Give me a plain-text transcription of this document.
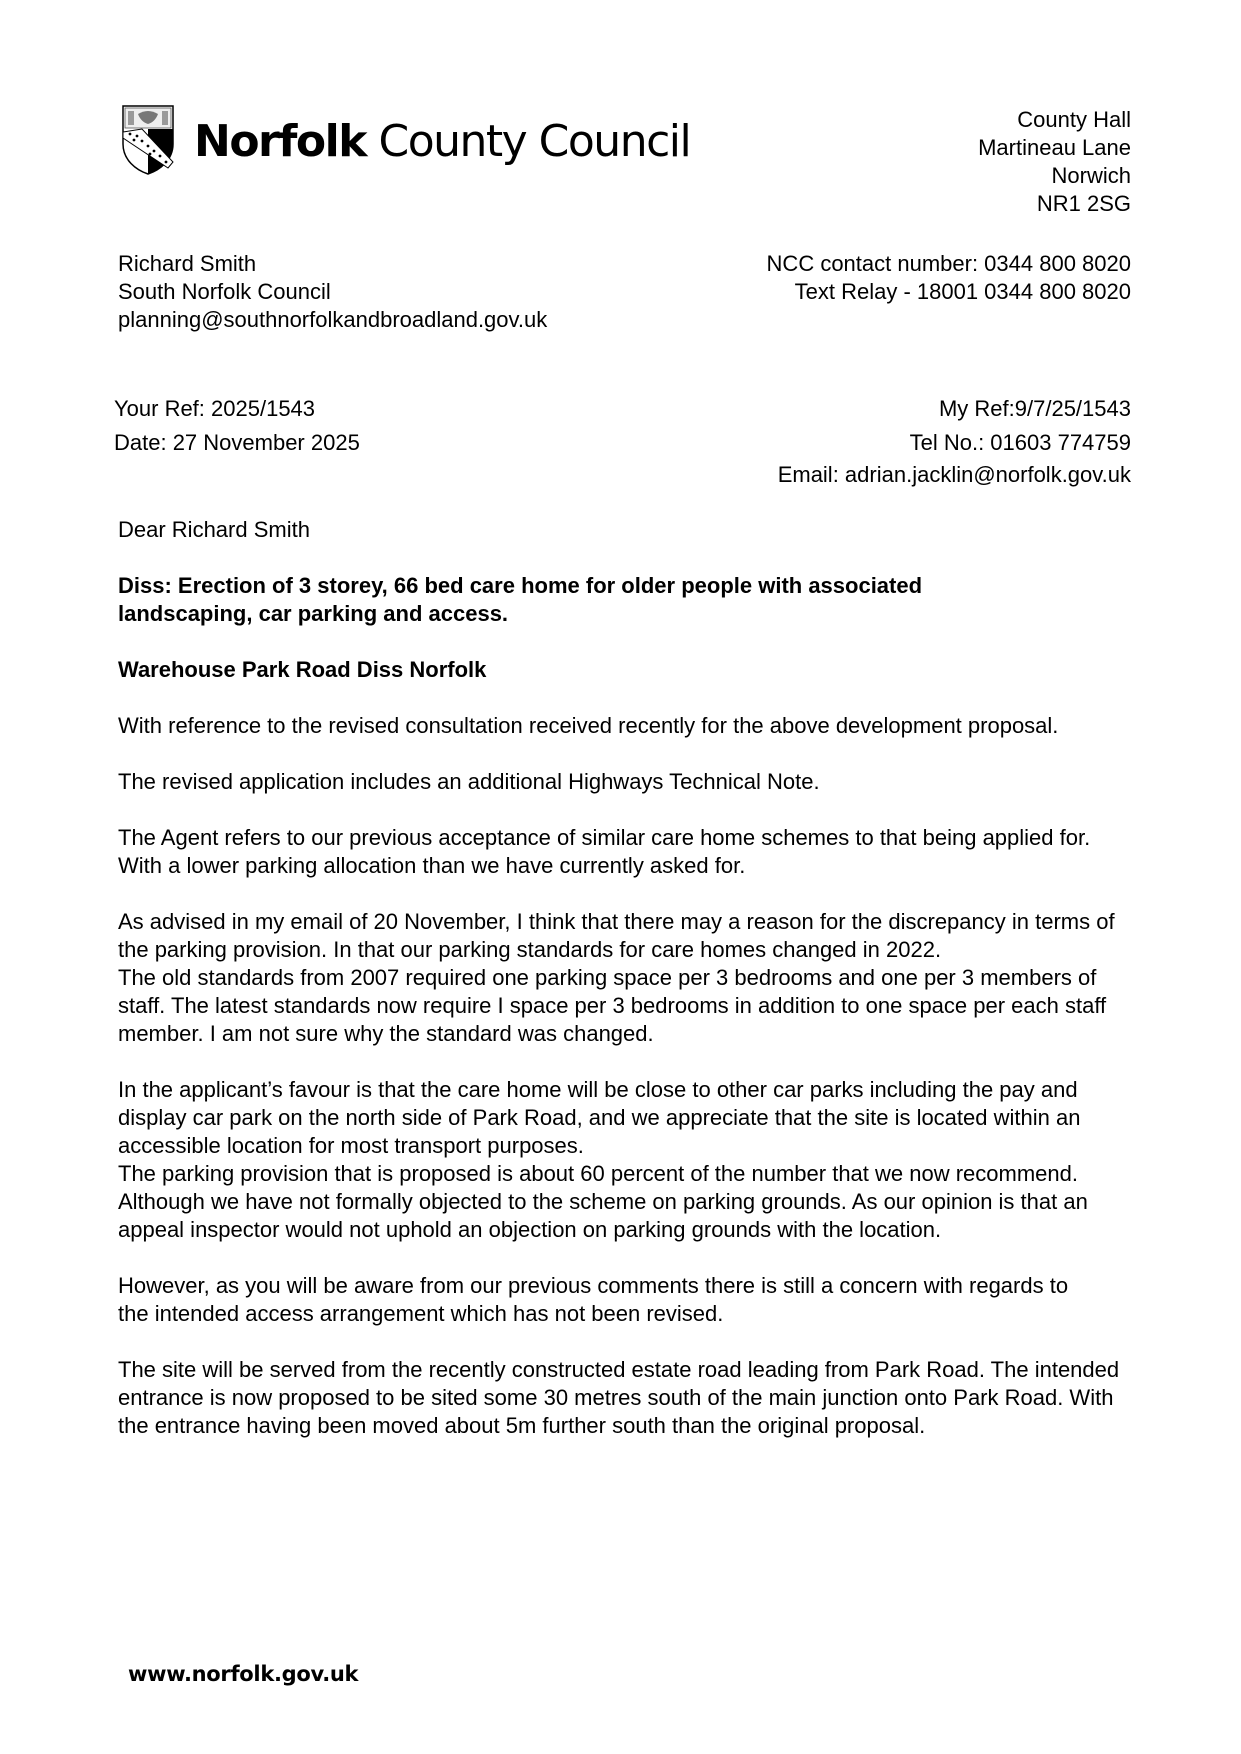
Norfolk County Council	County Hall
Martineau Lane
Norwich
NR1 2SG
NCC contact number: 0344 800 8020
Text Relay - 18001 0344 800 8020
Richard Smith
South Norfolk Council
planning@southnorfolkandbroadland.gov.uk
Your Ref: 2025/1543
Date: 27 November 2025
My Ref:9/7/25/1543
Tel No.: 01603 774759
Email: adrian.jacklin@norfolk.gov.uk

Dear Richard Smith

Diss: Erection of 3 storey, 66 bed care home for older people with associated landscaping, car parking and access.

Warehouse Park Road Diss Norfolk

With reference to the revised consultation received recently for the above development proposal.

The revised application includes an additional Highways Technical Note.

The Agent refers to our previous acceptance of similar care home schemes to that being applied for. With a lower parking allocation than we have currently asked for.

As advised in my email of 20 November, I think that there may a reason for the discrepancy in terms of the parking provision. In that our parking standards for care homes changed in 2022.

The old standards from 2007 required one parking space per 3 bedrooms and one per 3 members of staff. The latest standards now require I space per 3 bedrooms in addition to one space per each staff member. I am not sure why the standard was changed.

In the applicant’s favour is that the care home will be close to other car parks including the pay and display car park on the north side of Park Road, and we appreciate that the site is located within an accessible location for most transport purposes.

The parking provision that is proposed is about 60 percent of the number that we now recommend. Although we have not formally objected to the scheme on parking grounds. As our opinion is that an appeal inspector would not uphold an objection on parking grounds with the location.

However, as you will be aware from our previous comments there is still a concern with regards to the intended access arrangement which has not been revised.

The site will be served from the recently constructed estate road leading from Park Road. The intended entrance is now proposed to be sited some 30 metres south of the main junction onto Park Road. With the entrance having been moved about 5m further south than the original proposal.

www.norfolk.gov.uk
